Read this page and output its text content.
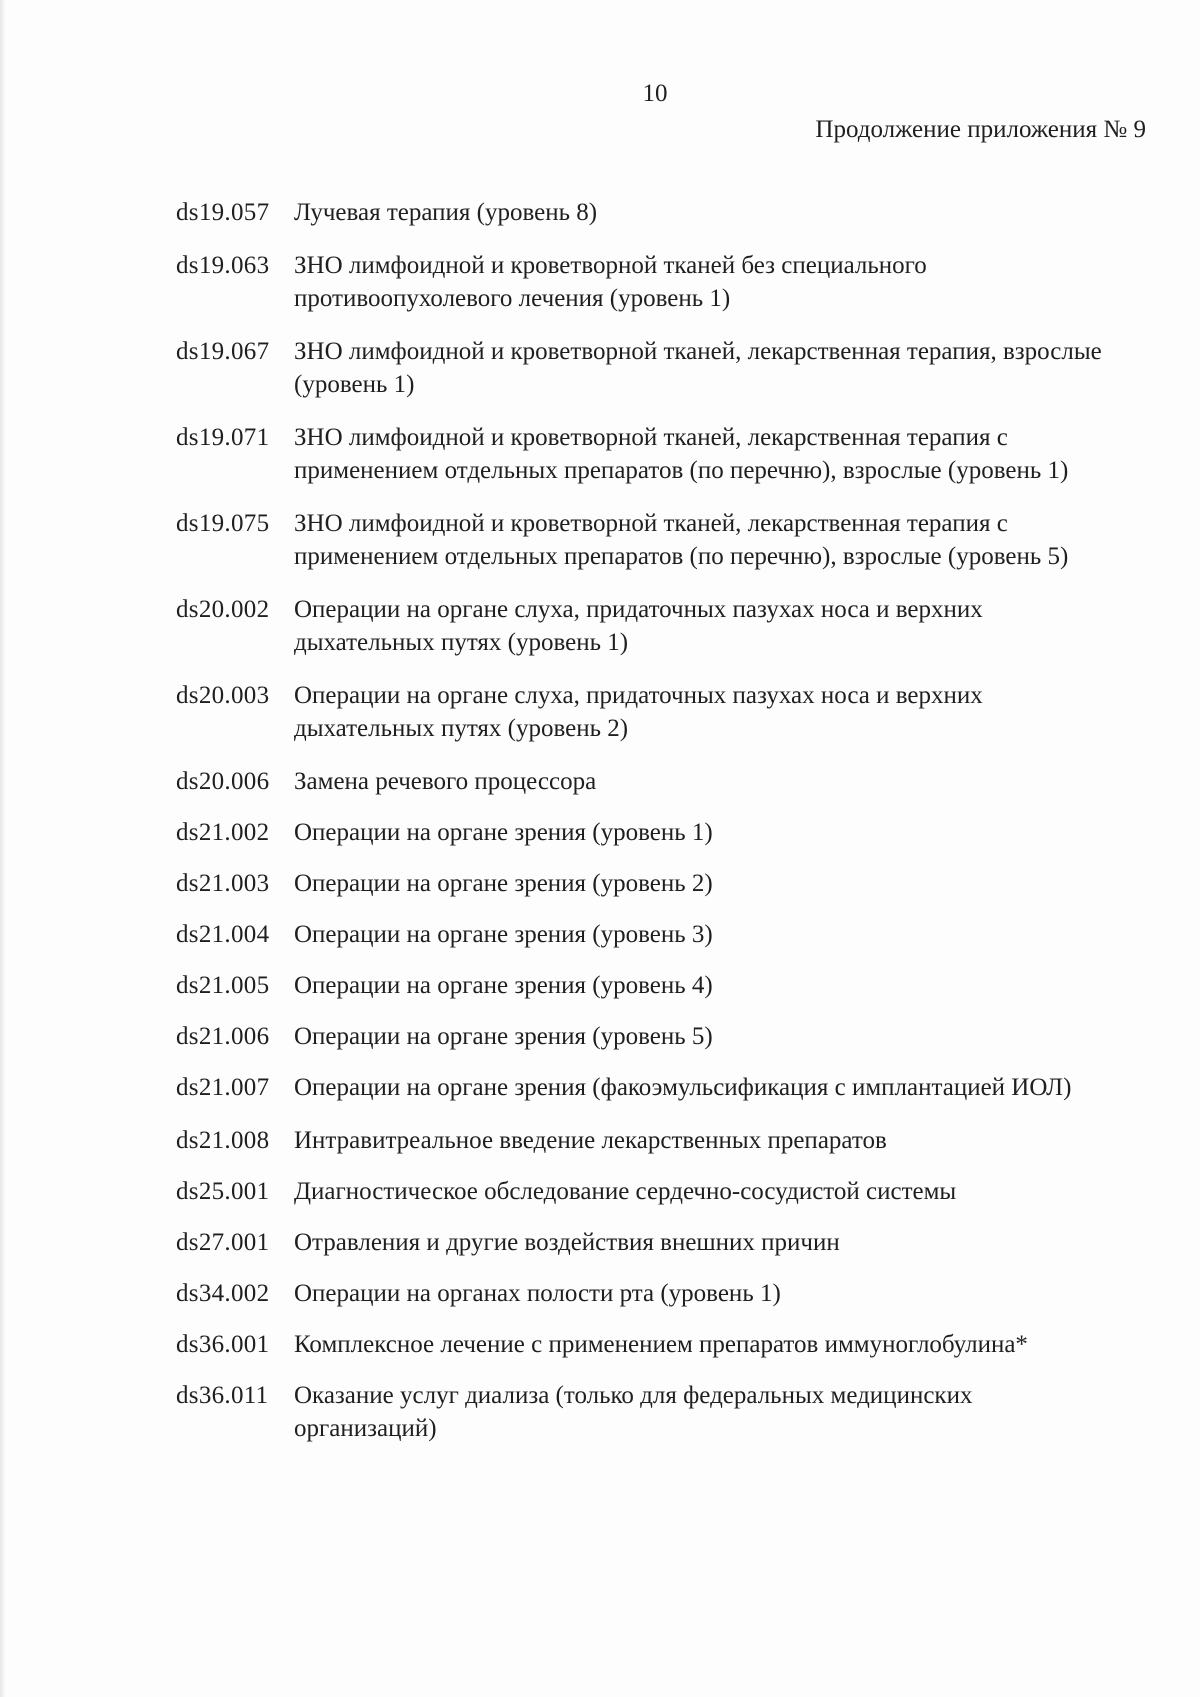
10
Продолжение приложения № 9
ds19.057 Лучевая терапия (уровень 8)
ds19.063 ЗНО лимфоидной и кроветворной тканей без специального противоопухолевого лечения (уровень 1)
ds19.067 ЗНО лимфоидной и кроветворной тканей, лекарственная терапия, взрослые (уровень 1)
ds19.071 ЗНО лимфоидной и кроветворной тканей, лекарственная терапия с применением отдельных препаратов (по перечню), взрослые (уровень 1)
ds19.075 ЗНО лимфоидной и кроветворной тканей, лекарственная терапия с применением отдельных препаратов (по перечню), взрослые (уровень 5)
ds20.002 Операции на органе слуха, придаточных пазухах носа и верхних дыхательных путях (уровень 1)
ds20.003 Операции на органе слуха, придаточных пазухах носа и верхних дыхательных путях (уровень 2)
ds20.006 Замена речевого процессора
ds21.002 Операции на органе зрения (уровень 1)
ds21.003 Операции на органе зрения (уровень 2)
ds21.004 Операции на органе зрения (уровень 3)
ds21.005 Операции на органе зрения (уровень 4)
ds21.006 Операции на органе зрения (уровень 5)
ds21.007 Операции на органе зрения (факоэмульсификация с имплантацией ИОЛ)
ds21.008 Интравитреальное введение лекарственных препаратов
ds25.001 Диагностическое обследование сердечно-сосудистой системы
ds27.001 Отравления и другие воздействия внешних причин
ds34.002 Операции на органах полости рта (уровень 1)
ds36.001 Комплексное лечение с применением препаратов иммуноглобулина*
ds36.011	Оказание услуг диализа (только для федеральных медицинских организаций)
